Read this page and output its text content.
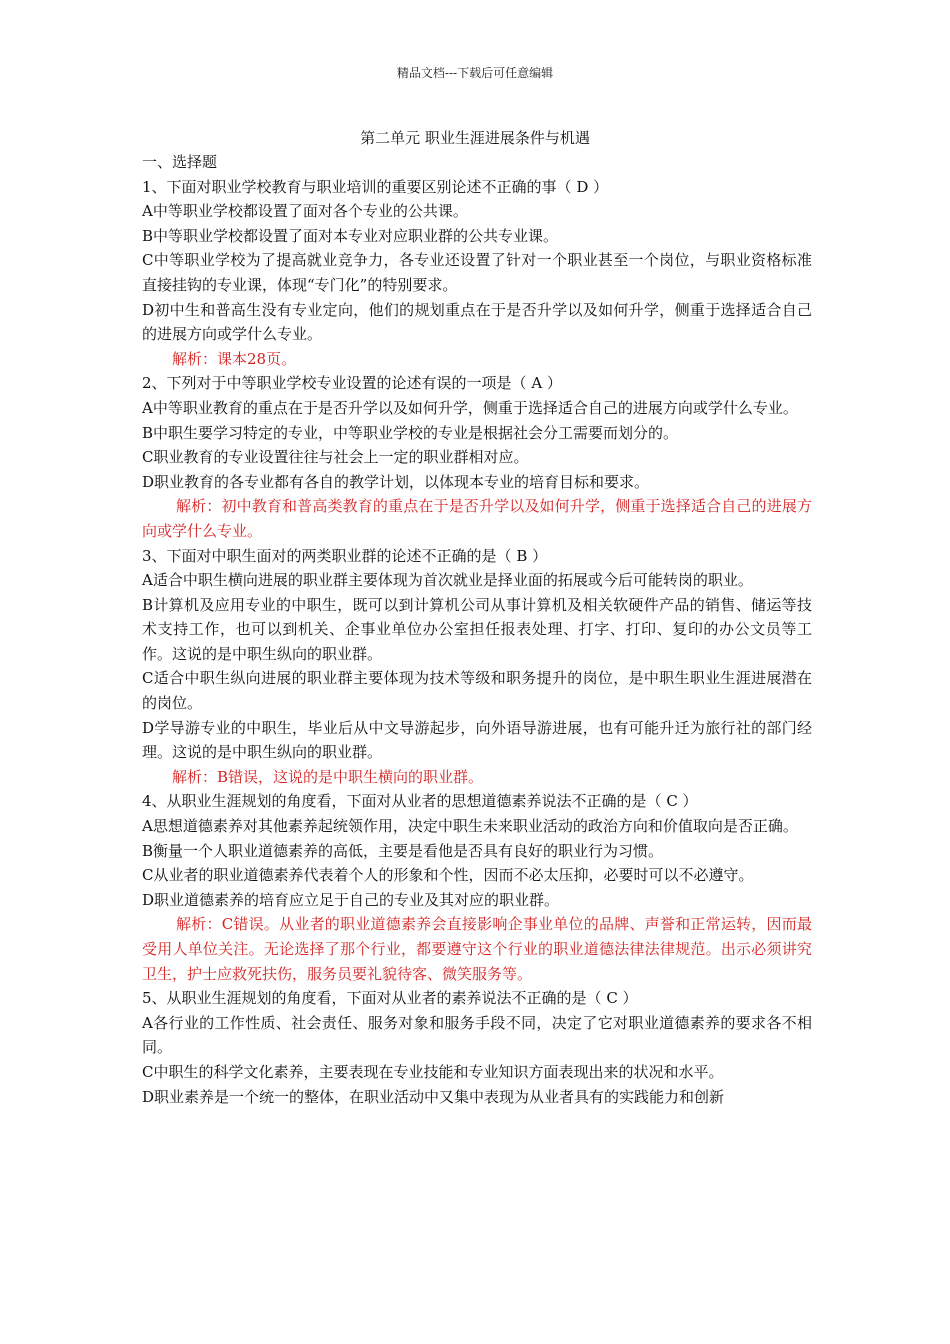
精品文档---下载后可任意编辑
第二单元 职业生涯进展条件与机遇
一、选择题
1、下面对职业学校教育与职业培训的重要区别论述不正确的事（ D ）
A中等职业学校都设置了面对各个专业的公共课。
B中等职业学校都设置了面对本专业对应职业群的公共专业课。
C中等职业学校为了提高就业竞争力，各专业还设置了针对一个职业甚至一个岗位，与职业资格标准直接挂钩的专业课，体现“专门化”的特别要求。
D初中生和普高生没有专业定向，他们的规划重点在于是否升学以及如何升学，侧重于选择适合自己的进展方向或学什么专业。
解析：课本28页。
2、下列对于中等职业学校专业设置的论述有误的一项是（ A ）
A中等职业教育的重点在于是否升学以及如何升学，侧重于选择适合自己的进展方向或学什么专业。
B中职生要学习特定的专业，中等职业学校的专业是根据社会分工需要而划分的。
C职业教育的专业设置往往与社会上一定的职业群相对应。
D职业教育的各专业都有各自的教学计划，以体现本专业的培育目标和要求。
解析：初中教育和普高类教育的重点在于是否升学以及如何升学，侧重于选择适合自己的进展方向或学什么专业。
3、下面对中职生面对的两类职业群的论述不正确的是（ B ）
A适合中职生横向进展的职业群主要体现为首次就业是择业面的拓展或今后可能转岗的职业。
B计算机及应用专业的中职生，既可以到计算机公司从事计算机及相关软硬件产品的销售、储运等技术支持工作，也可以到机关、企事业单位办公室担任报表处理、打字、打印、复印的办公文员等工作。这说的是中职生纵向的职业群。
C适合中职生纵向进展的职业群主要体现为技术等级和职务提升的岗位，是中职生职业生涯进展潜在的岗位。
D学导游专业的中职生，毕业后从中文导游起步，向外语导游进展，也有可能升迁为旅行社的部门经理。这说的是中职生纵向的职业群。
解析：B错误，这说的是中职生横向的职业群。
4、从职业生涯规划的角度看，下面对从业者的思想道德素养说法不正确的是（ C ）
A思想道德素养对其他素养起统领作用，决定中职生未来职业活动的政治方向和价值取向是否正确。
B衡量一个人职业道德素养的高低，主要是看他是否具有良好的职业行为习惯。
C从业者的职业道德素养代表着个人的形象和个性，因而不必太压抑，必要时可以不必遵守。
D职业道德素养的培育应立足于自己的专业及其对应的职业群。
解析：C错误。从业者的职业道德素养会直接影响企事业单位的品牌、声誉和正常运转，因而最受用人单位关注。无论选择了那个行业，都要遵守这个行业的职业道德法律法律规范。出示必须讲究卫生，护士应救死扶伤，服务员要礼貌待客、微笑服务等。
5、从职业生涯规划的角度看，下面对从业者的素养说法不正确的是（ C ）
A各行业的工作性质、社会责任、服务对象和服务手段不同，决定了它对职业道德素养的要求各不相同。
C中职生的科学文化素养，主要表现在专业技能和专业知识方面表现出来的状况和水平。
D职业素养是一个统一的整体，在职业活动中又集中表现为从业者具有的实践能力和创新
